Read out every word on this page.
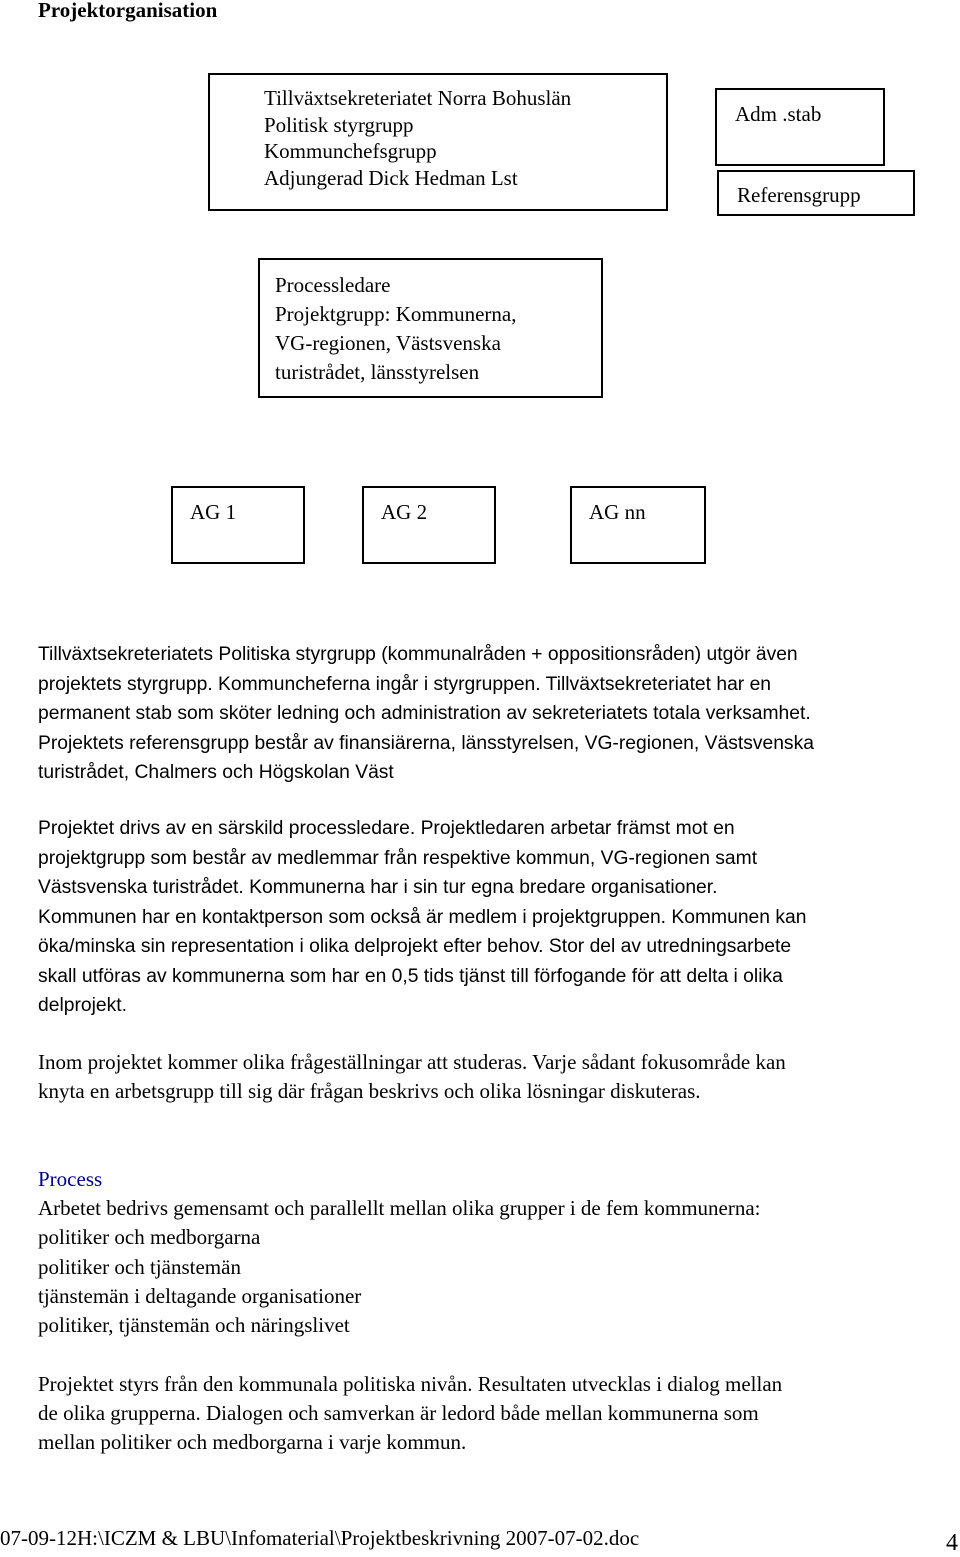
Projektorganisation
Tillväxtsekreteriatet Norra Bohuslän
Politisk styrgrupp
Kommunchefsgrupp
Adjungerad Dick Hedman Lst
Adm .stab
Referensgrupp
Processledare
Projektgrupp: Kommunerna,
VG-regionen, Västsvenska
turistrådet, länsstyrelsen
AG 1	AG 2	AG nn
Tillväxtsekreteriatets Politiska styrgrupp (kommunalråden + oppositionsråden) utgör även
projektets styrgrupp. Kommuncheferna ingår i styrgruppen. Tillväxtsekreteriatet har en
permanent stab som sköter ledning och administration av sekreteriatets totala verksamhet.
Projektets referensgrupp består av finansiärerna, länsstyrelsen, VG-regionen, Västsvenska
turistrådet, Chalmers och Högskolan Väst
Projektet drivs av en särskild processledare. Projektledaren arbetar främst mot en
projektgrupp som består av medlemmar från respektive kommun, VG-regionen samt
Västsvenska turistrådet. Kommunerna har i sin tur egna bredare organisationer.
Kommunen har en kontaktperson som också är medlem i projektgruppen. Kommunen kan
öka/minska sin representation i olika delprojekt efter behov. Stor del av utredningsarbete
skall utföras av kommunerna som har en 0,5 tids tjänst till förfogande för att delta i olika
delprojekt.
Inom projektet kommer olika frågeställningar att studeras. Varje sådant fokusområde kan
knyta en arbetsgrupp till sig där frågan beskrivs och olika lösningar diskuteras.
Process
Arbetet bedrivs gemensamt och parallellt mellan olika grupper i de fem kommunerna:
politiker och medborgarna
politiker och tjänstemän
tjänstemän i deltagande organisationer
politiker, tjänstemän och näringslivet
Projektet styrs från den kommunala politiska nivån. Resultaten utvecklas i dialog mellan
de olika grupperna. Dialogen och samverkan är ledord både mellan kommunerna som
mellan politiker och medborgarna i varje kommun.
07-09-12H:\ICZM & LBU\Infomaterial\Projektbeskrivning 2007-07-02.doc	4
